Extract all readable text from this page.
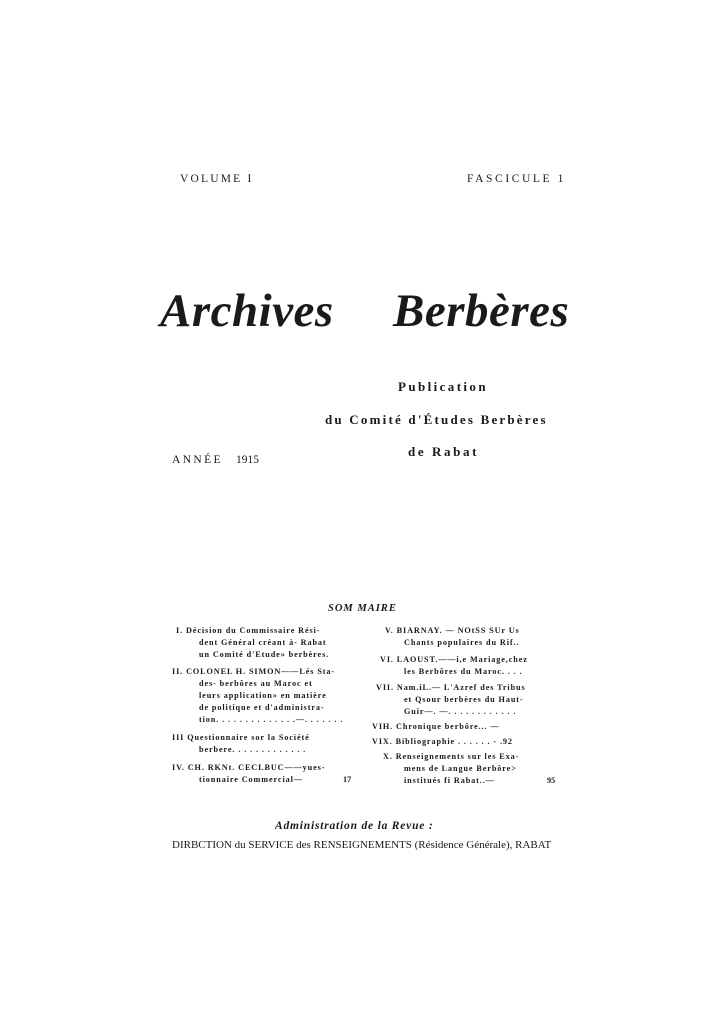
VOLUME I	FASCICULE 1
Archives Berbères
Publication
du Comité d'Études Berbères
de Rabat
ANNÉE 1915
SOM MAIRE
I. Décision du Commissaire Rési-
dent Général créant à- Rabat
un Comité d'Etude» berbères.
II. COLONEL H. SIMON——Lés Sta-
des- berbôres au Maroc et
leurs application» en matière
de politique et d'administra-
tion. . . . . . . . . . . . . .—. . . . . . .
III Questionnaire sor la Société
berbere. . . . . . . . . . . . .
IV. CH. RKNt. CECLBUC——yues-
tionnaire Commercial—	17
V. BIARNAY. — NOtSS SUr Us
Chants populaires du Rif..
VI. LAOUST.——i,e Mariage,chez
les Berbôres du Maroc. . . .
VII. Nam.iL.— L'Azref des Tribus
et Qsour berbères du Haut-
Guir—. —. . . . . . . . . . . .
VIH. Chronique berbôre... —
VIX. Bibliographie . . . . . . - .92
X. Renseignements sur les Exa-
mens de Langue Berbôre>
institués fi Rabat..—	95
Administration de la Revue :
DIRBCTION du SERVICE des RENSEIGNEMENTS (Résidence Générale), RABAT
